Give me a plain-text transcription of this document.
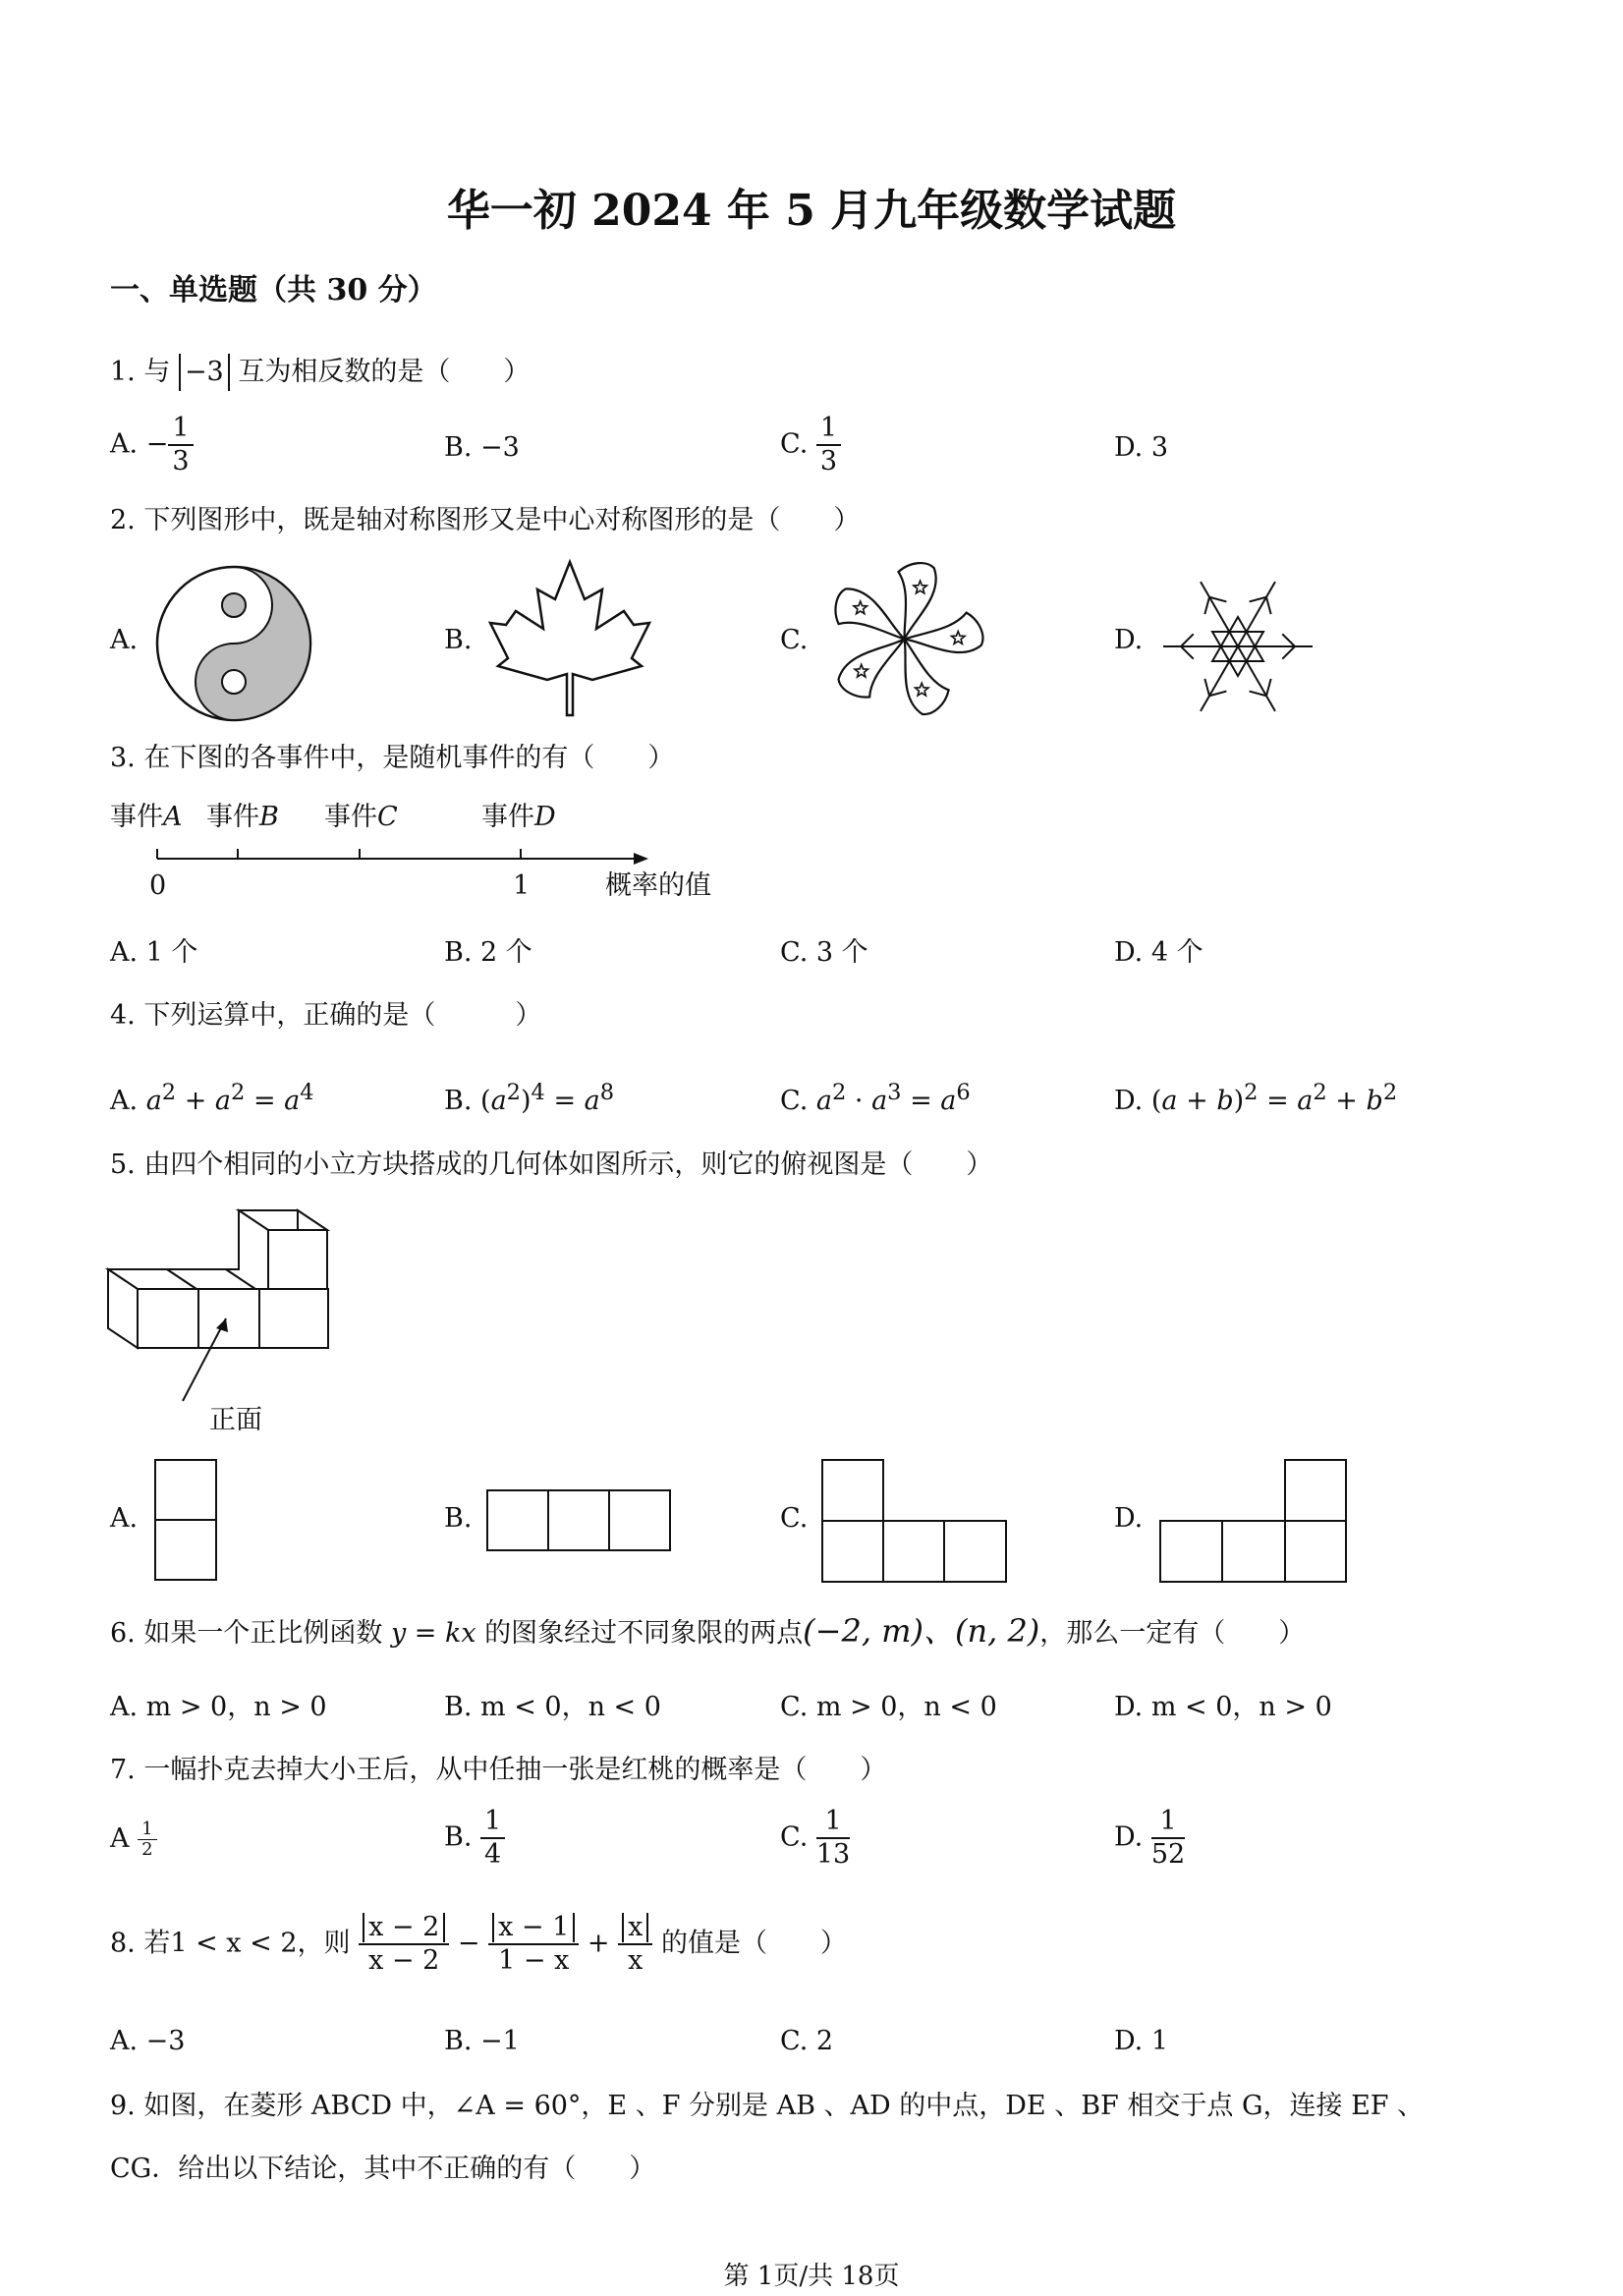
华一初 2024 年 5 月九年级数学试题
一、单选题（共 30 分）
1. 与 −3 互为相反数的是（　　）
A. − $\frac{1}{3}$	B. −3	C. $\frac{1}{3}$	D. 3
2. 下列图形中，既是轴对称图形又是中心对称图形的是（　　）
A.	B.	C.	D.
3. 在下图的各事件中，是随机事件的有（　　）
事件A 事件B 事件C	事件D
0	1	概率的值
A. 1 个	B. 2 个	C. 3 个	D. 4 个
4. 下列运算中，正确的是（　　　）
A. $a^2 + a^2 = a^4$	B. $(a^2)^4 = a^8$	C. $a^2 \cdot a^3 = a^6$	D. $(a + b)^2 = a^2 + b^2$
5. 由四个相同的小立方块搭成的几何体如图所示，则它的俯视图是（　　）
正面
A.	B.	C.	D.
6. 如果一个正比例函数 y = kx 的图象经过不同象限的两点(−2, m)、(n, 2)，那么一定有（　　）
A. m > 0，n > 0	B. m < 0，n < 0	C. m > 0，n < 0	D. m < 0，n > 0
7. 一幅扑克去掉大小王后，从中任抽一张是红桃的概率是（　　）
A $\frac{1}{2}$	B. $\frac{1}{4}$	C. $\frac{1}{13}$	D. $\frac{1}{52}$
8. 若1 < x < 2，则 $\frac{x - 2}{x - 2} - \frac{x - 1}{1 - x} + \frac{x}{x}$ 的值是（　　）
A. −3	B. −1	C. 2	D. 1
9. 如图，在菱形 ABCD 中，∠A = 60°，E 、F 分别是 AB 、AD 的中点，DE 、BF 相交于点 G，连接 EF 、
CG．给出以下结论，其中不正确的有（　　）
第 1页/共 18页
